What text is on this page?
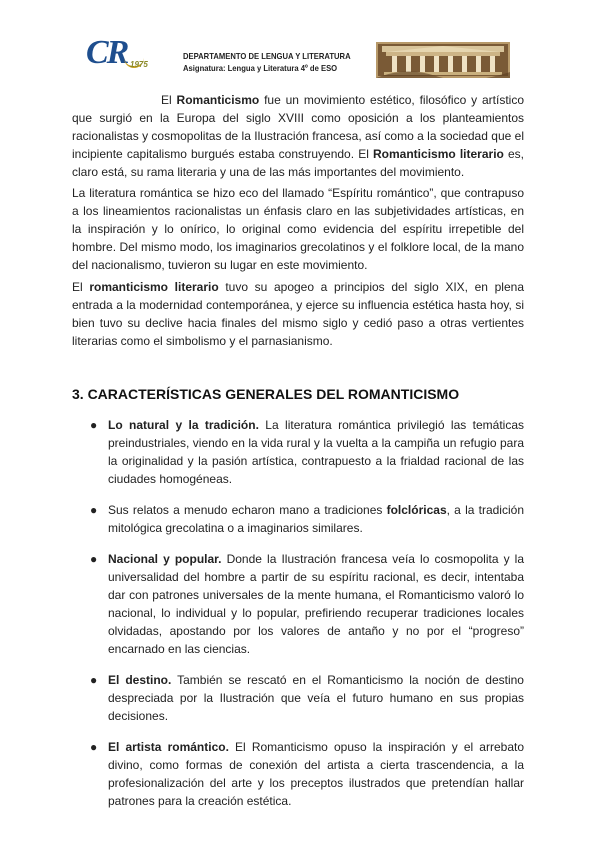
CR 1975
DEPARTAMENTO DE LENGUA Y LITERATURA
Asignatura: Lengua y Literatura 4º de ESO

El Romanticismo fue un movimiento estético, filosófico y artístico que surgió en la Europa del siglo XVIII como oposición a los planteamientos racionalistas y cosmopolitas de la Ilustración francesa, así como a la sociedad que el incipiente capitalismo burgués estaba construyendo. El Romanticismo literario es, claro está, su rama literaria y una de las más importantes del movimiento.

La literatura romántica se hizo eco del llamado “Espíritu romántico”, que contrapuso a los lineamientos racionalistas un énfasis claro en las subjetividades artísticas, en la inspiración y lo onírico, lo original como evidencia del espíritu irrepetible del hombre. Del mismo modo, los imaginarios grecolatinos y el folklore local, de la mano del nacionalismo, tuvieron su lugar en este movimiento.

El romanticismo literario tuvo su apogeo a principios del siglo XIX, en plena entrada a la modernidad contemporánea, y ejerce su influencia estética hasta hoy, si bien tuvo su declive hacia finales del mismo siglo y cedió paso a otras vertientes literarias como el simbolismo y el parnasianismo.

3. CARACTERÍSTICAS GENERALES DEL ROMANTICISMO
● Lo natural y la tradición. La literatura romántica privilegió las temáticas preindustriales, viendo en la vida rural y la vuelta a la campiña un refugio para la originalidad y la pasión artística, contrapuesto a la frialdad racional de las ciudades homogéneas.
● Sus relatos a menudo echaron mano a tradiciones folclóricas, a la tradición mitológica grecolatina o a imaginarios similares.
● Nacional y popular. Donde la Ilustración francesa veía lo cosmopolita y la universalidad del hombre a partir de su espíritu racional, es decir, intentaba dar con patrones universales de la mente humana, el Romanticismo valoró lo nacional, lo individual y lo popular, prefiriendo recuperar tradiciones locales olvidadas, apostando por los valores de antaño y no por el “progreso” encarnado en las ciencias.
● El destino. También se rescató en el Romanticismo la noción de destino despreciada por la Ilustración que veía el futuro humano en sus propias decisiones.
● El artista romántico. El Romanticismo opuso la inspiración y el arrebato divino, como formas de conexión del artista a cierta trascendencia, a la profesionalización del arte y los preceptos ilustrados que pretendían hallar patrones para la creación estética.
